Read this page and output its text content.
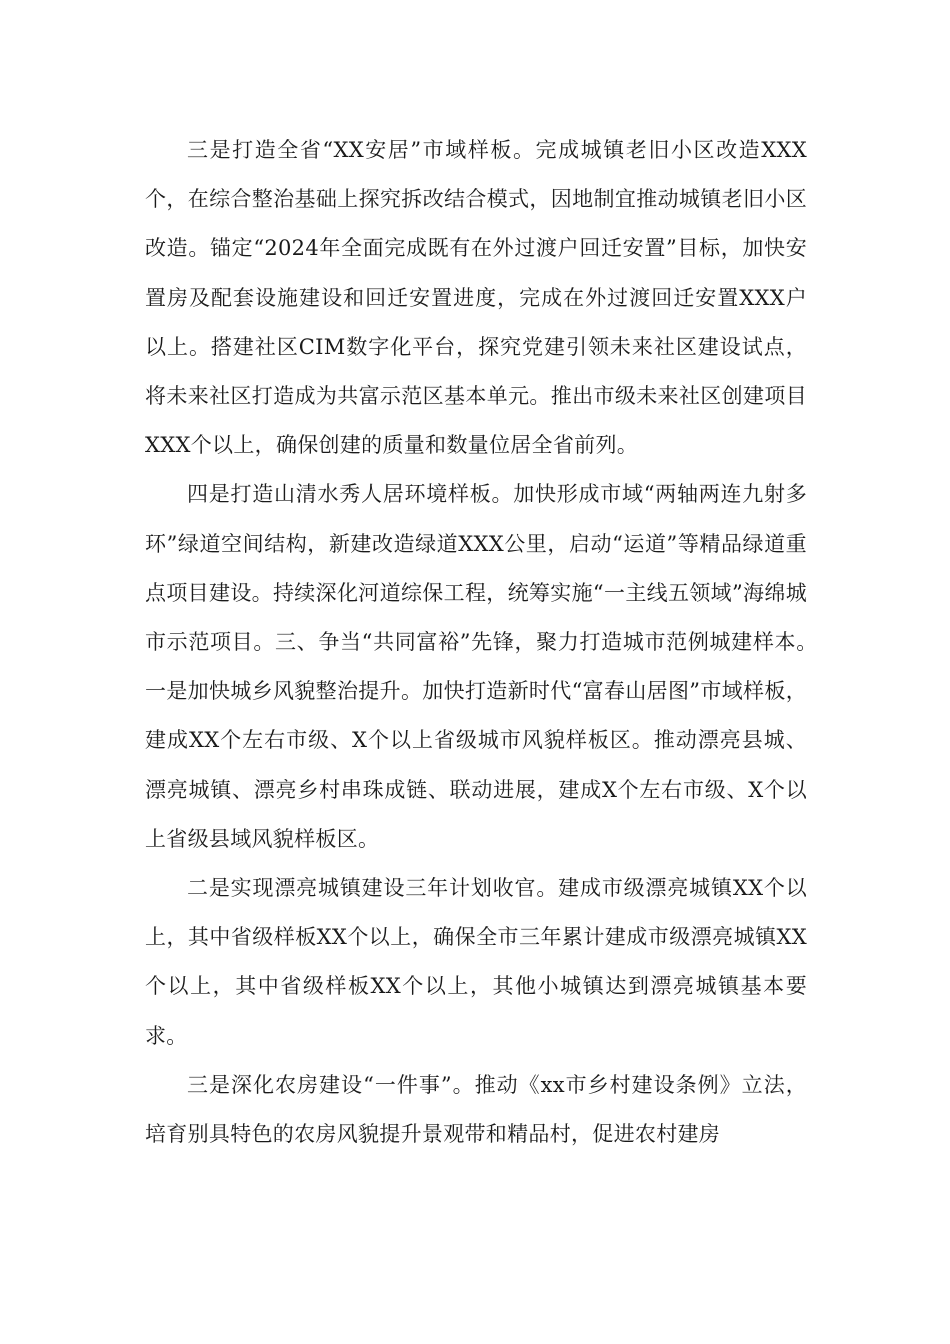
三是打造全省“XX安居”市域样板。完成城镇老旧小区改造XXX个，在综合整治基础上探究拆改结合模式，因地制宜推动城镇老旧小区改造。锚定“2024年全面完成既有在外过渡户回迁安置”目标，加快安置房及配套设施建设和回迁安置进度，完成在外过渡回迁安置XXX户以上。搭建社区CIM数字化平台，探究党建引领未来社区建设试点，将未来社区打造成为共富示范区基本单元。推出市级未来社区创建项目XXX个以上，确保创建的质量和数量位居全省前列。

四是打造山清水秀人居环境样板。加快形成市域“两轴两连九射多环”绿道空间结构，新建改造绿道XXX公里，启动“运道”等精品绿道重点项目建设。持续深化河道综保工程，统筹实施“一主线五领域”海绵城市示范项目。三、争当“共同富裕”先锋，聚力打造城市范例城建样本。　　一是加快城乡风貌整治提升。加快打造新时代“富春山居图”市域样板，建成XX个左右市级、X个以上省级城市风貌样板区。推动漂亮县城、漂亮城镇、漂亮乡村串珠成链、联动进展，建成X个左右市级、X个以上省级县域风貌样板区。

二是实现漂亮城镇建设三年计划收官。建成市级漂亮城镇XX个以上，其中省级样板XX个以上，确保全市三年累计建成市级漂亮城镇XX个以上，其中省级样板XX个以上，其他小城镇达到漂亮城镇基本要求。

三是深化农房建设“一件事”。推动《xx市乡村建设条例》立法，培育别具特色的农房风貌提升景观带和精品村，促进农村建房
